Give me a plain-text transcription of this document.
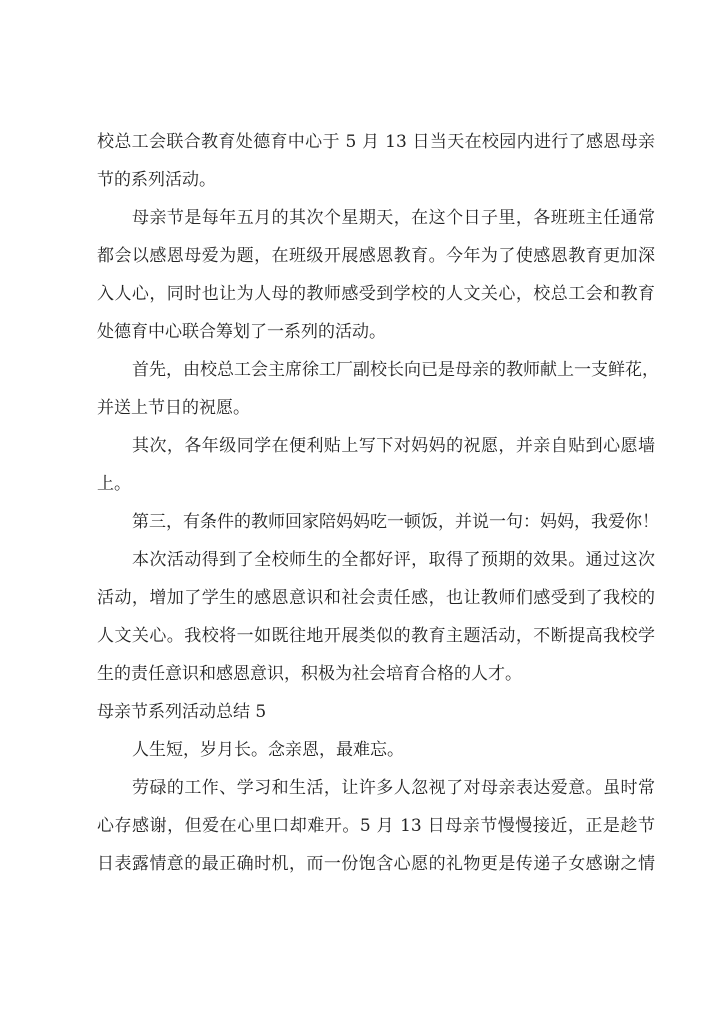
校总工会联合教育处德育中心于 5 月 13 日当天在校园内进行了感恩母亲
节的系列活动。
母亲节是每年五月的其次个星期天，在这个日子里，各班班主任通常
都会以感恩母爱为题，在班级开展感恩教育。今年为了使感恩教育更加深
入人心，同时也让为人母的教师感受到学校的人文关心，校总工会和教育
处德育中心联合筹划了一系列的活动。
首先，由校总工会主席徐工厂副校长向已是母亲的教师献上一支鲜花，
并送上节日的祝愿。
其次，各年级同学在便利贴上写下对妈妈的祝愿，并亲自贴到心愿墙
上。
第三，有条件的教师回家陪妈妈吃一顿饭，并说一句：妈妈，我爱你！
本次活动得到了全校师生的全都好评，取得了预期的效果。通过这次
活动，增加了学生的感恩意识和社会责任感，也让教师们感受到了我校的
人文关心。我校将一如既往地开展类似的教育主题活动，不断提高我校学
生的责任意识和感恩意识，积极为社会培育合格的人才。
母亲节系列活动总结 5
人生短，岁月长。念亲恩，最难忘。
劳碌的工作、学习和生活，让许多人忽视了对母亲表达爱意。虽时常
心存感谢，但爱在心里口却难开。5 月 13 日母亲节慢慢接近，正是趁节
日表露情意的最正确时机，而一份饱含心愿的礼物更是传递子女感谢之情
